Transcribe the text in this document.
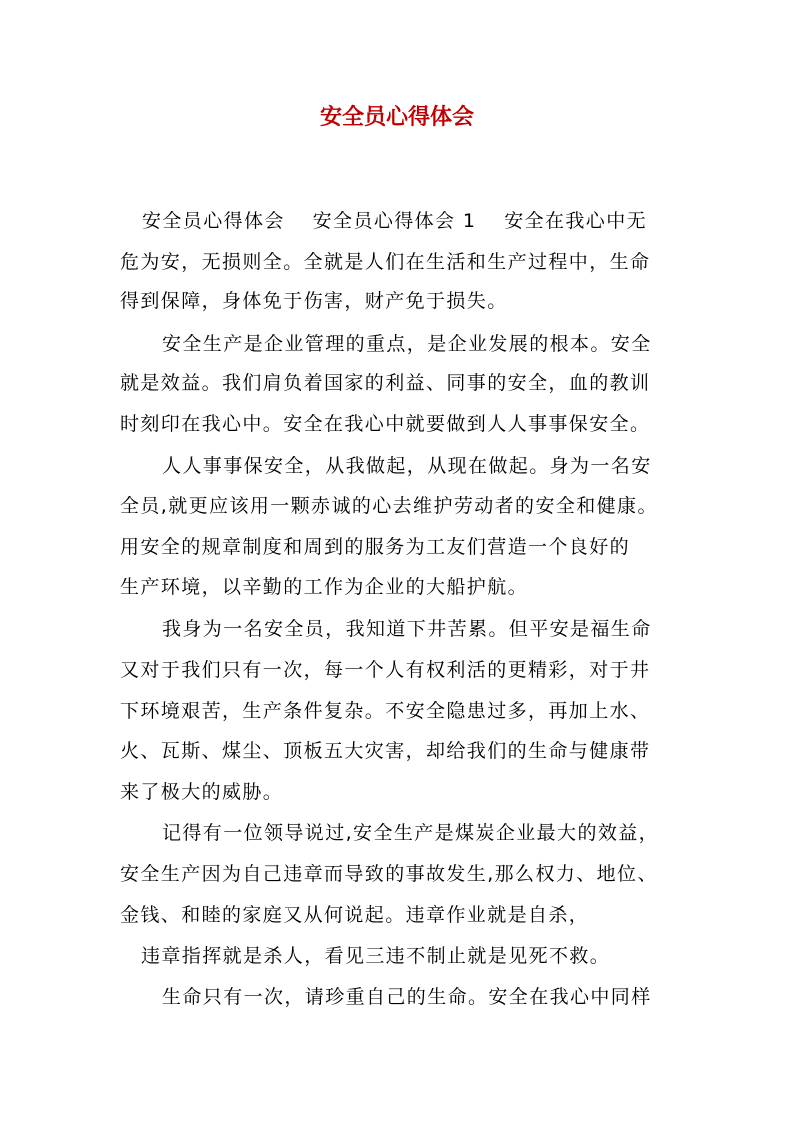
安全员心得体会
安全员心得体会　 安全员心得体会 1　 安全在我心中无
危为安，无损则全。全就是人们在生活和生产过程中，生命
得到保障，身体免于伤害，财产免于损失。
安全生产是企业管理的重点，是企业发展的根本。安全
就是效益。我们肩负着国家的利益、同事的安全，血的教训
时刻印在我心中。安全在我心中就要做到人人事事保安全。
人人事事保安全，从我做起，从现在做起。身为一名安
全员,就更应该用一颗赤诚的心去维护劳动者的安全和健康。
用安全的规章制度和周到的服务为工友们营造一个良好的
生产环境，以辛勤的工作为企业的大船护航。
我身为一名安全员，我知道下井苦累。但平安是福生命
又对于我们只有一次，每一个人有权利活的更精彩，对于井
下环境艰苦，生产条件复杂。不安全隐患过多，再加上水、
火、瓦斯、煤尘、顶板五大灾害，却给我们的生命与健康带
来了极大的威胁。
记得有一位领导说过,安全生产是煤炭企业最大的效益，
安全生产因为自己违章而导致的事故发生,那么权力、地位、
金钱、和睦的家庭又从何说起。违章作业就是自杀，
违章指挥就是杀人，看见三违不制止就是见死不救。
生命只有一次，请珍重自己的生命。安全在我心中同样
